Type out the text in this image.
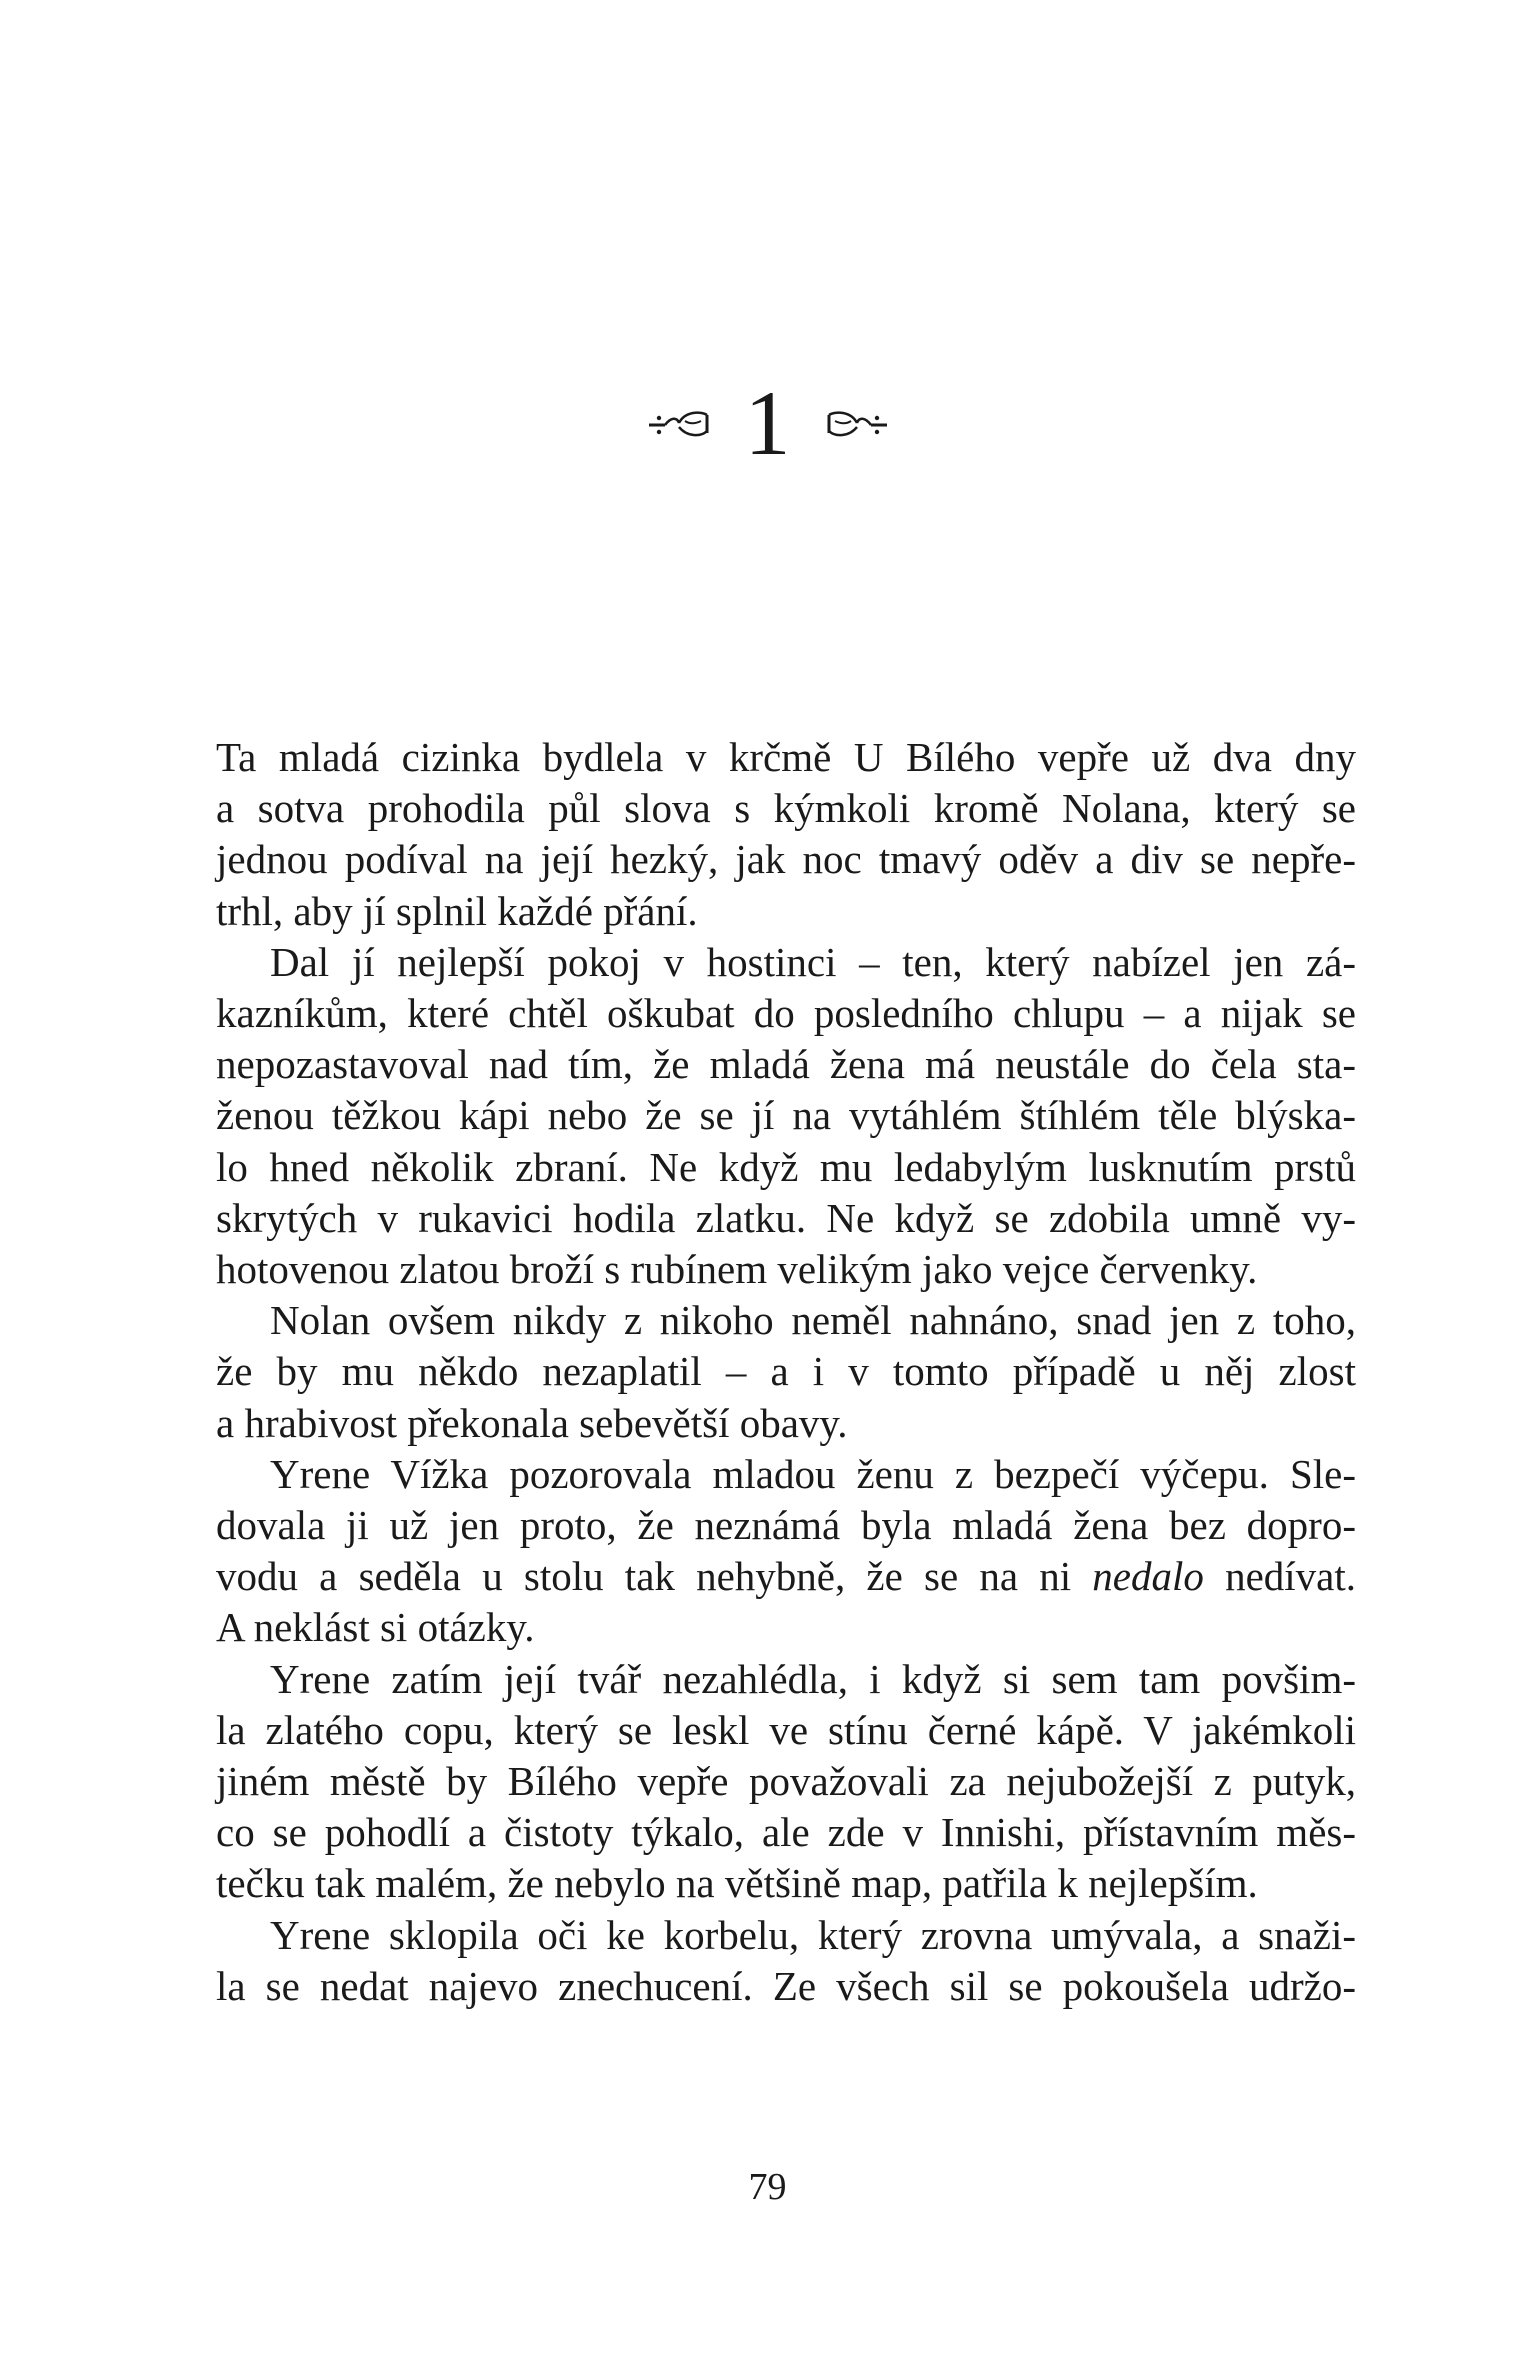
1

Ta mladá cizinka bydlela v krčmě U Bílého vepře už dva dny
a sotva prohodila půl slova s kýmkoli kromě Nolana, který se
jednou podíval na její hezký, jak noc tmavý oděv a div se nepře-
trhl, aby jí splnil každé přání.

Dal jí nejlepší pokoj v hostinci – ten, který nabízel jen zá-
kazníkům, které chtěl oškubat do posledního chlupu – a nijak se
nepozastavoval nad tím, že mladá žena má neustále do čela sta-
ženou těžkou kápi nebo že se jí na vytáhlém štíhlém těle blýska-
lo hned několik zbraní. Ne když mu ledabylým lusknutím prstů
skrytých v rukavici hodila zlatku. Ne když se zdobila umně vy-
hotovenou zlatou broží s rubínem velikým jako vejce červenky.

Nolan ovšem nikdy z nikoho neměl nahnáno, snad jen z toho,
že by mu někdo nezaplatil – a i v tomto případě u něj zlost
a hrabivost překonala sebevětší obavy.

Yrene Vížka pozorovala mladou ženu z bezpečí výčepu. Sle-
dovala ji už jen proto, že neznámá byla mladá žena bez dopro-
vodu a seděla u stolu tak nehybně, že se na ni nedalo nedívat.
A neklást si otázky.

Yrene zatím její tvář nezahlédla, i když si sem tam povšim-
la zlatého copu, který se leskl ve stínu černé kápě. V jakémkoli
jiném městě by Bílého vepře považovali za nejubožejší z putyk,
co se pohodlí a čistoty týkalo, ale zde v Innishi, přístavním měs-
tečku tak malém, že nebylo na většině map, patřila k nejlepším.

Yrene sklopila oči ke korbelu, který zrovna umývala, a snaži-
la se nedat najevo znechucení. Ze všech sil se pokoušela udržo-

79
